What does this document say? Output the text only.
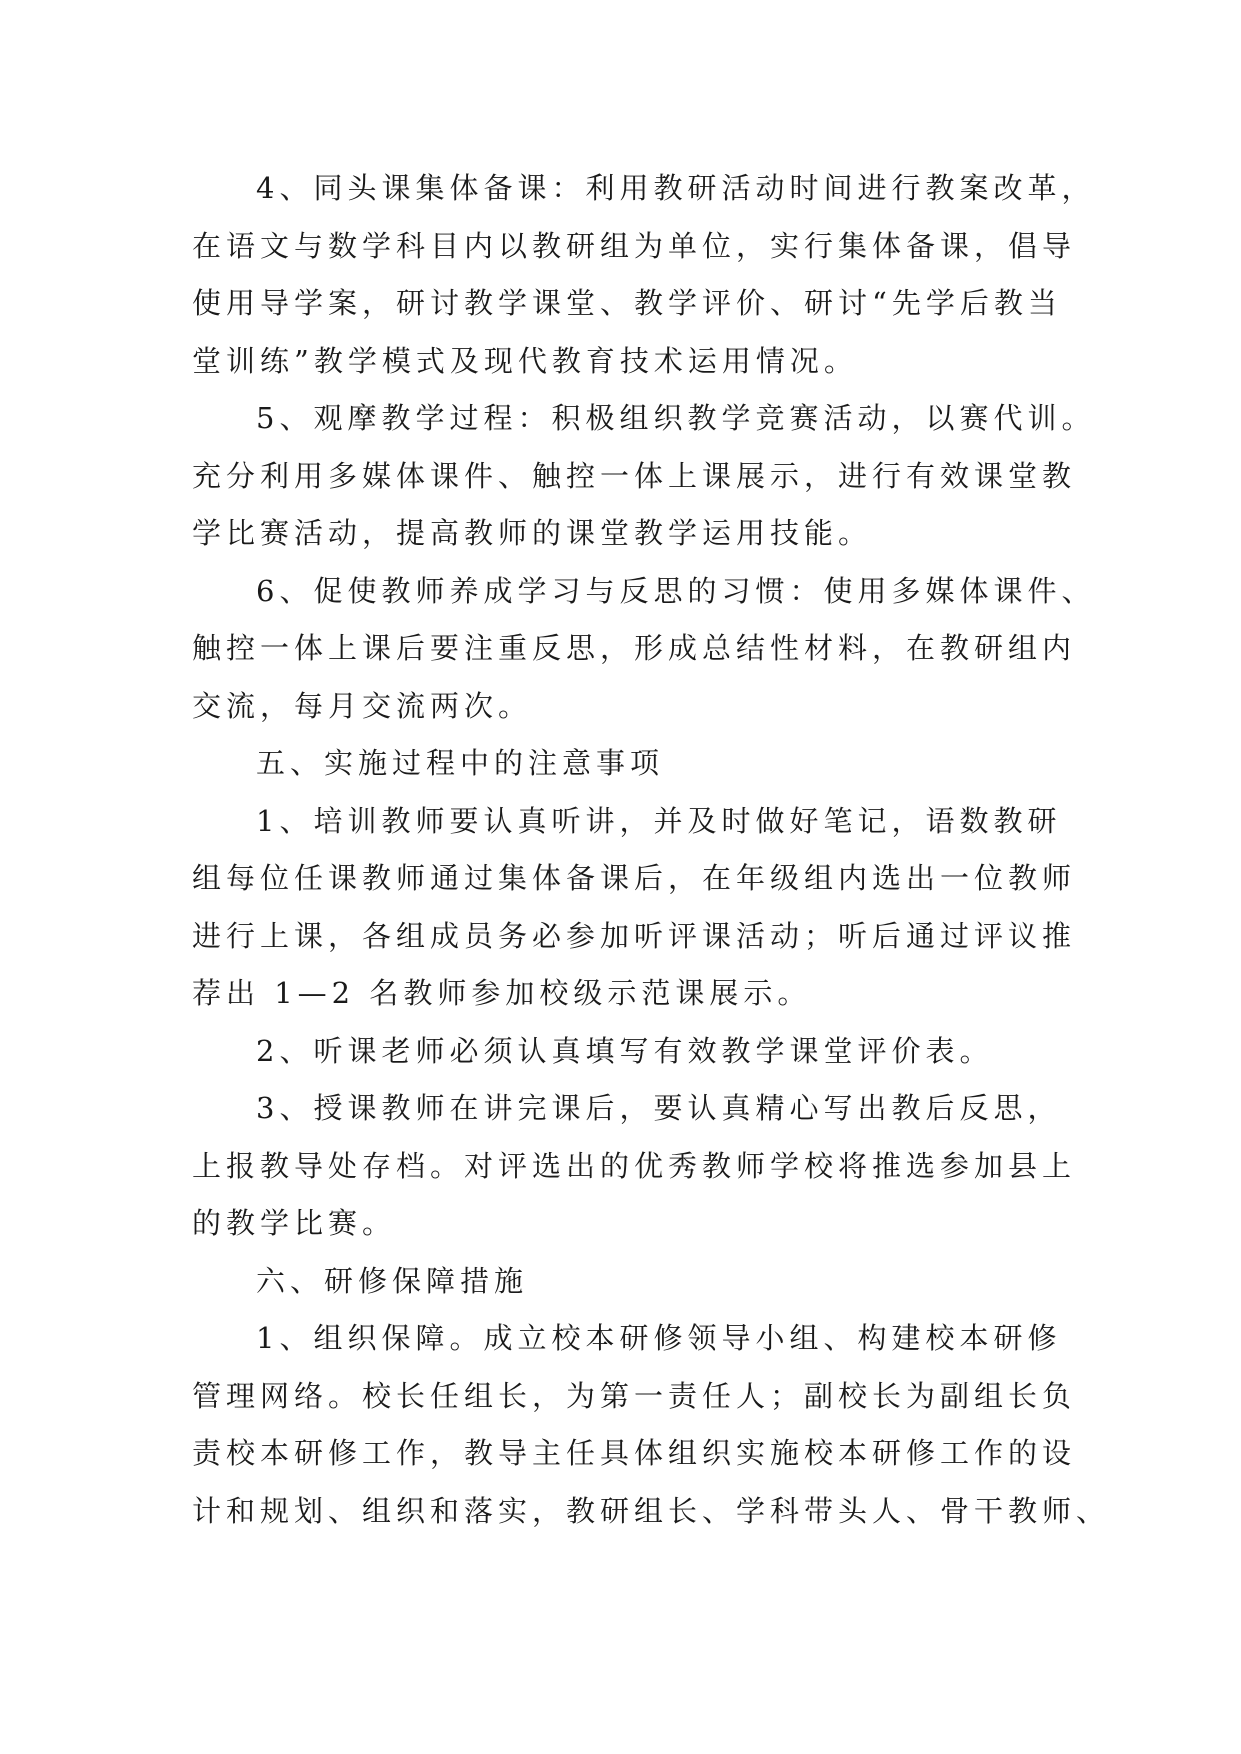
4、同头课集体备课：利用教研活动时间进行教案改革，
在语文与数学科目内以教研组为单位，实行集体备课，倡导
使用导学案，研讨教学课堂、教学评价、研讨“先学后教当
堂训练”教学模式及现代教育技术运用情况。
5、观摩教学过程：积极组织教学竞赛活动，以赛代训。
充分利用多媒体课件、触控一体上课展示，进行有效课堂教
学比赛活动，提高教师的课堂教学运用技能。
6、促使教师养成学习与反思的习惯：使用多媒体课件、
触控一体上课后要注重反思，形成总结性材料，在教研组内
交流，每月交流两次。
五、实施过程中的注意事项
1、培训教师要认真听讲，并及时做好笔记，语数教研
组每位任课教师通过集体备课后，在年级组内选出一位教师
进行上课，各组成员务必参加听评课活动；听后通过评议推
荐出 1—2 名教师参加校级示范课展示。
2、听课老师必须认真填写有效教学课堂评价表。
3、授课教师在讲完课后，要认真精心写出教后反思，
上报教导处存档。对评选出的优秀教师学校将推选参加县上
的教学比赛。
六、研修保障措施
1、组织保障。成立校本研修领导小组、构建校本研修
管理网络。校长任组长，为第一责任人；副校长为副组长负
责校本研修工作，教导主任具体组织实施校本研修工作的设
计和规划、组织和落实，教研组长、学科带头人、骨干教师、
